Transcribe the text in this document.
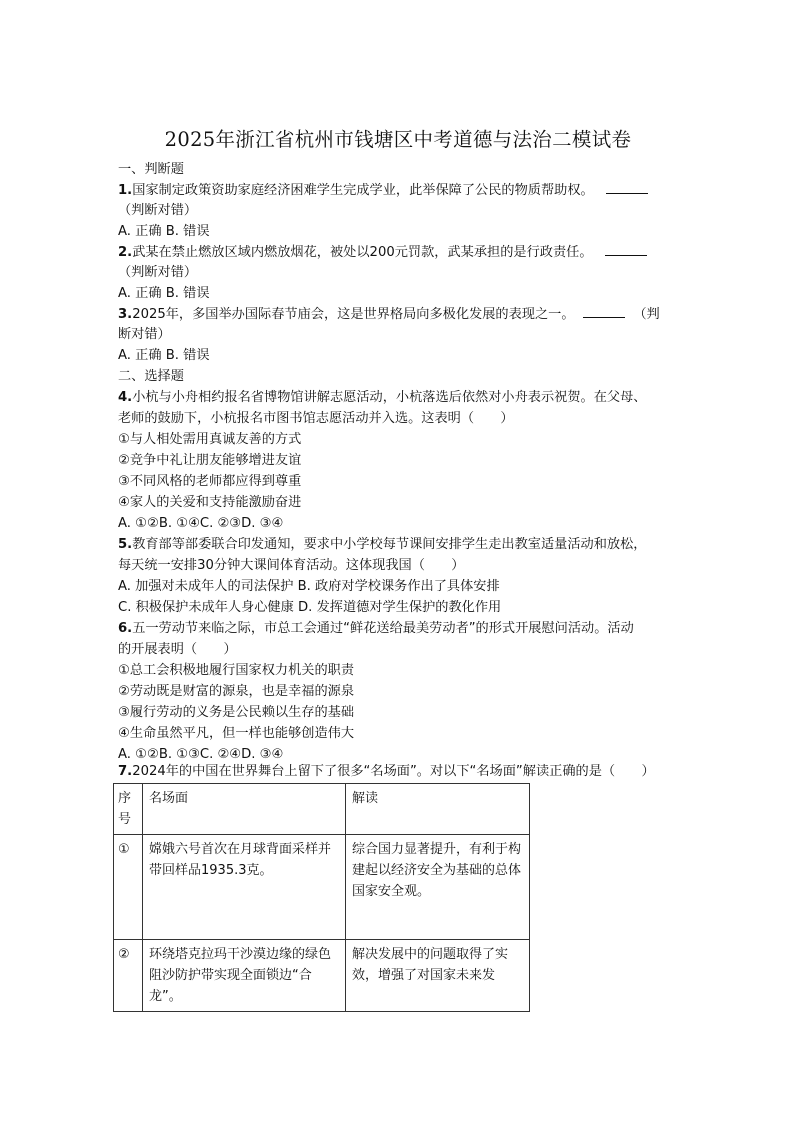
2025年浙江省杭州市钱塘区中考道德与法治二模试卷
一、判断题
1.国家制定政策资助家庭经济困难学生完成学业，此举保障了公民的物质帮助权。
（判断对错）
A. 正确 B. 错误
2.武某在禁止燃放区域内燃放烟花，被处以200元罚款，武某承担的是行政责任。
（判断对错）
A. 正确 B. 错误
3.2025年，多国举办国际春节庙会，这是世界格局向多极化发展的表现之一。	（判
断对错）
A. 正确 B. 错误
二、选择题
4.小杭与小舟相约报名省博物馆讲解志愿活动，小杭落选后依然对小舟表示祝贺。在父母、
老师的鼓励下，小杭报名市图书馆志愿活动并入选。这表明（　　）
①与人相处需用真诚友善的方式
②竞争中礼让朋友能够增进友谊
③不同风格的老师都应得到尊重
④家人的关爱和支持能激励奋进
A. ①②B. ①④C. ②③D. ③④
5.教育部等部委联合印发通知，要求中小学校每节课间安排学生走出教室适量活动和放松，
每天统一安排30分钟大课间体育活动。这体现我国（　　）
A. 加强对未成年人的司法保护 B. 政府对学校课务作出了具体安排
C. 积极保护未成年人身心健康 D. 发挥道德对学生保护的教化作用
6.五一劳动节来临之际，市总工会通过“鲜花送给最美劳动者”的形式开展慰问活动。活动
的开展表明（　　）
①总工会积极地履行国家权力机关的职责
②劳动既是财富的源泉，也是幸福的源泉
③履行劳动的义务是公民赖以生存的基础
④生命虽然平凡，但一样也能够创造伟大
A. ①②B. ①③C. ②④D. ③④
7.2024年的中国在世界舞台上留下了很多“名场面”。对以下“名场面”解读正确的是（　　）
序号	名场面	解读
①	嫦娥六号首次在月球背面采样并带回样品1935.3克。	综合国力显著提升，有利于构建起以经济安全为基础的总体国家安全观。
②	环绕塔克拉玛干沙漠边缘的绿色阻沙防护带实现全面锁边“合龙”。	解决发展中的问题取得了实效，增强了对国家未来发
